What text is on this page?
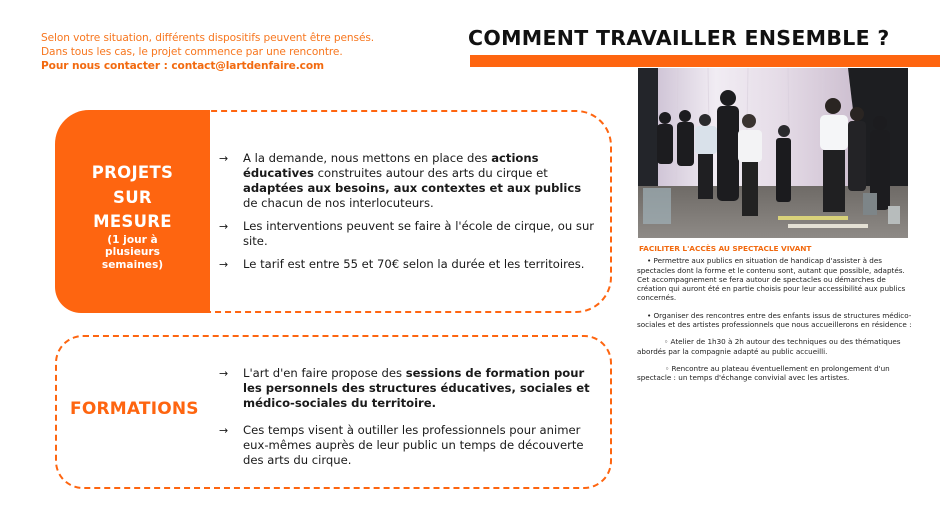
Selon votre situation, différents dispositifs peuvent être pensés.
Dans tous les cas, le projet commence par une rencontre.
Pour nous contacter : contact@lartdenfaire.com
COMMENT TRAVAILLER ENSEMBLE ?
PROJETS
SUR
MESURE
(1 jour à
plusieurs
semaines)
→ A la demande, nous mettons en place des actions éducatives construites autour des arts du cirque et adaptées aux besoins, aux contextes et aux publics de chacun de nos interlocuteurs.
→ Les interventions peuvent se faire à l'école de cirque, ou sur site.
→ Le tarif est entre 55 et 70€ selon la durée et les territoires.
FORMATIONS
→ L'art d'en faire propose des sessions de formation pour les personnels des structures éducatives, sociales et médico-sociales du territoire.
→ Ces temps visent à outiller les professionnels pour animer eux-mêmes auprès de leur public un temps de découverte des arts du cirque.
FACILITER L'ACCÈS AU SPECTACLE VIVANT

• Permettre aux publics en situation de handicap d'assister à des spectacles dont la forme et le contenu sont, autant que possible, adaptés. Cet accompagnement se fera autour de spectacles ou démarches de création qui auront été en partie choisis pour leur accessibilité aux publics concernés.

• Organiser des rencontres entre des enfants issus de structures médico-sociales et des artistes professionnels que nous accueillerons en résidence :

◦ Atelier de 1h30 à 2h autour des techniques ou des thématiques abordés par la compagnie adapté au public accueilli.

◦ Rencontre au plateau éventuellement en prolongement d'un spectacle : un temps d'échange convivial avec les artistes.
